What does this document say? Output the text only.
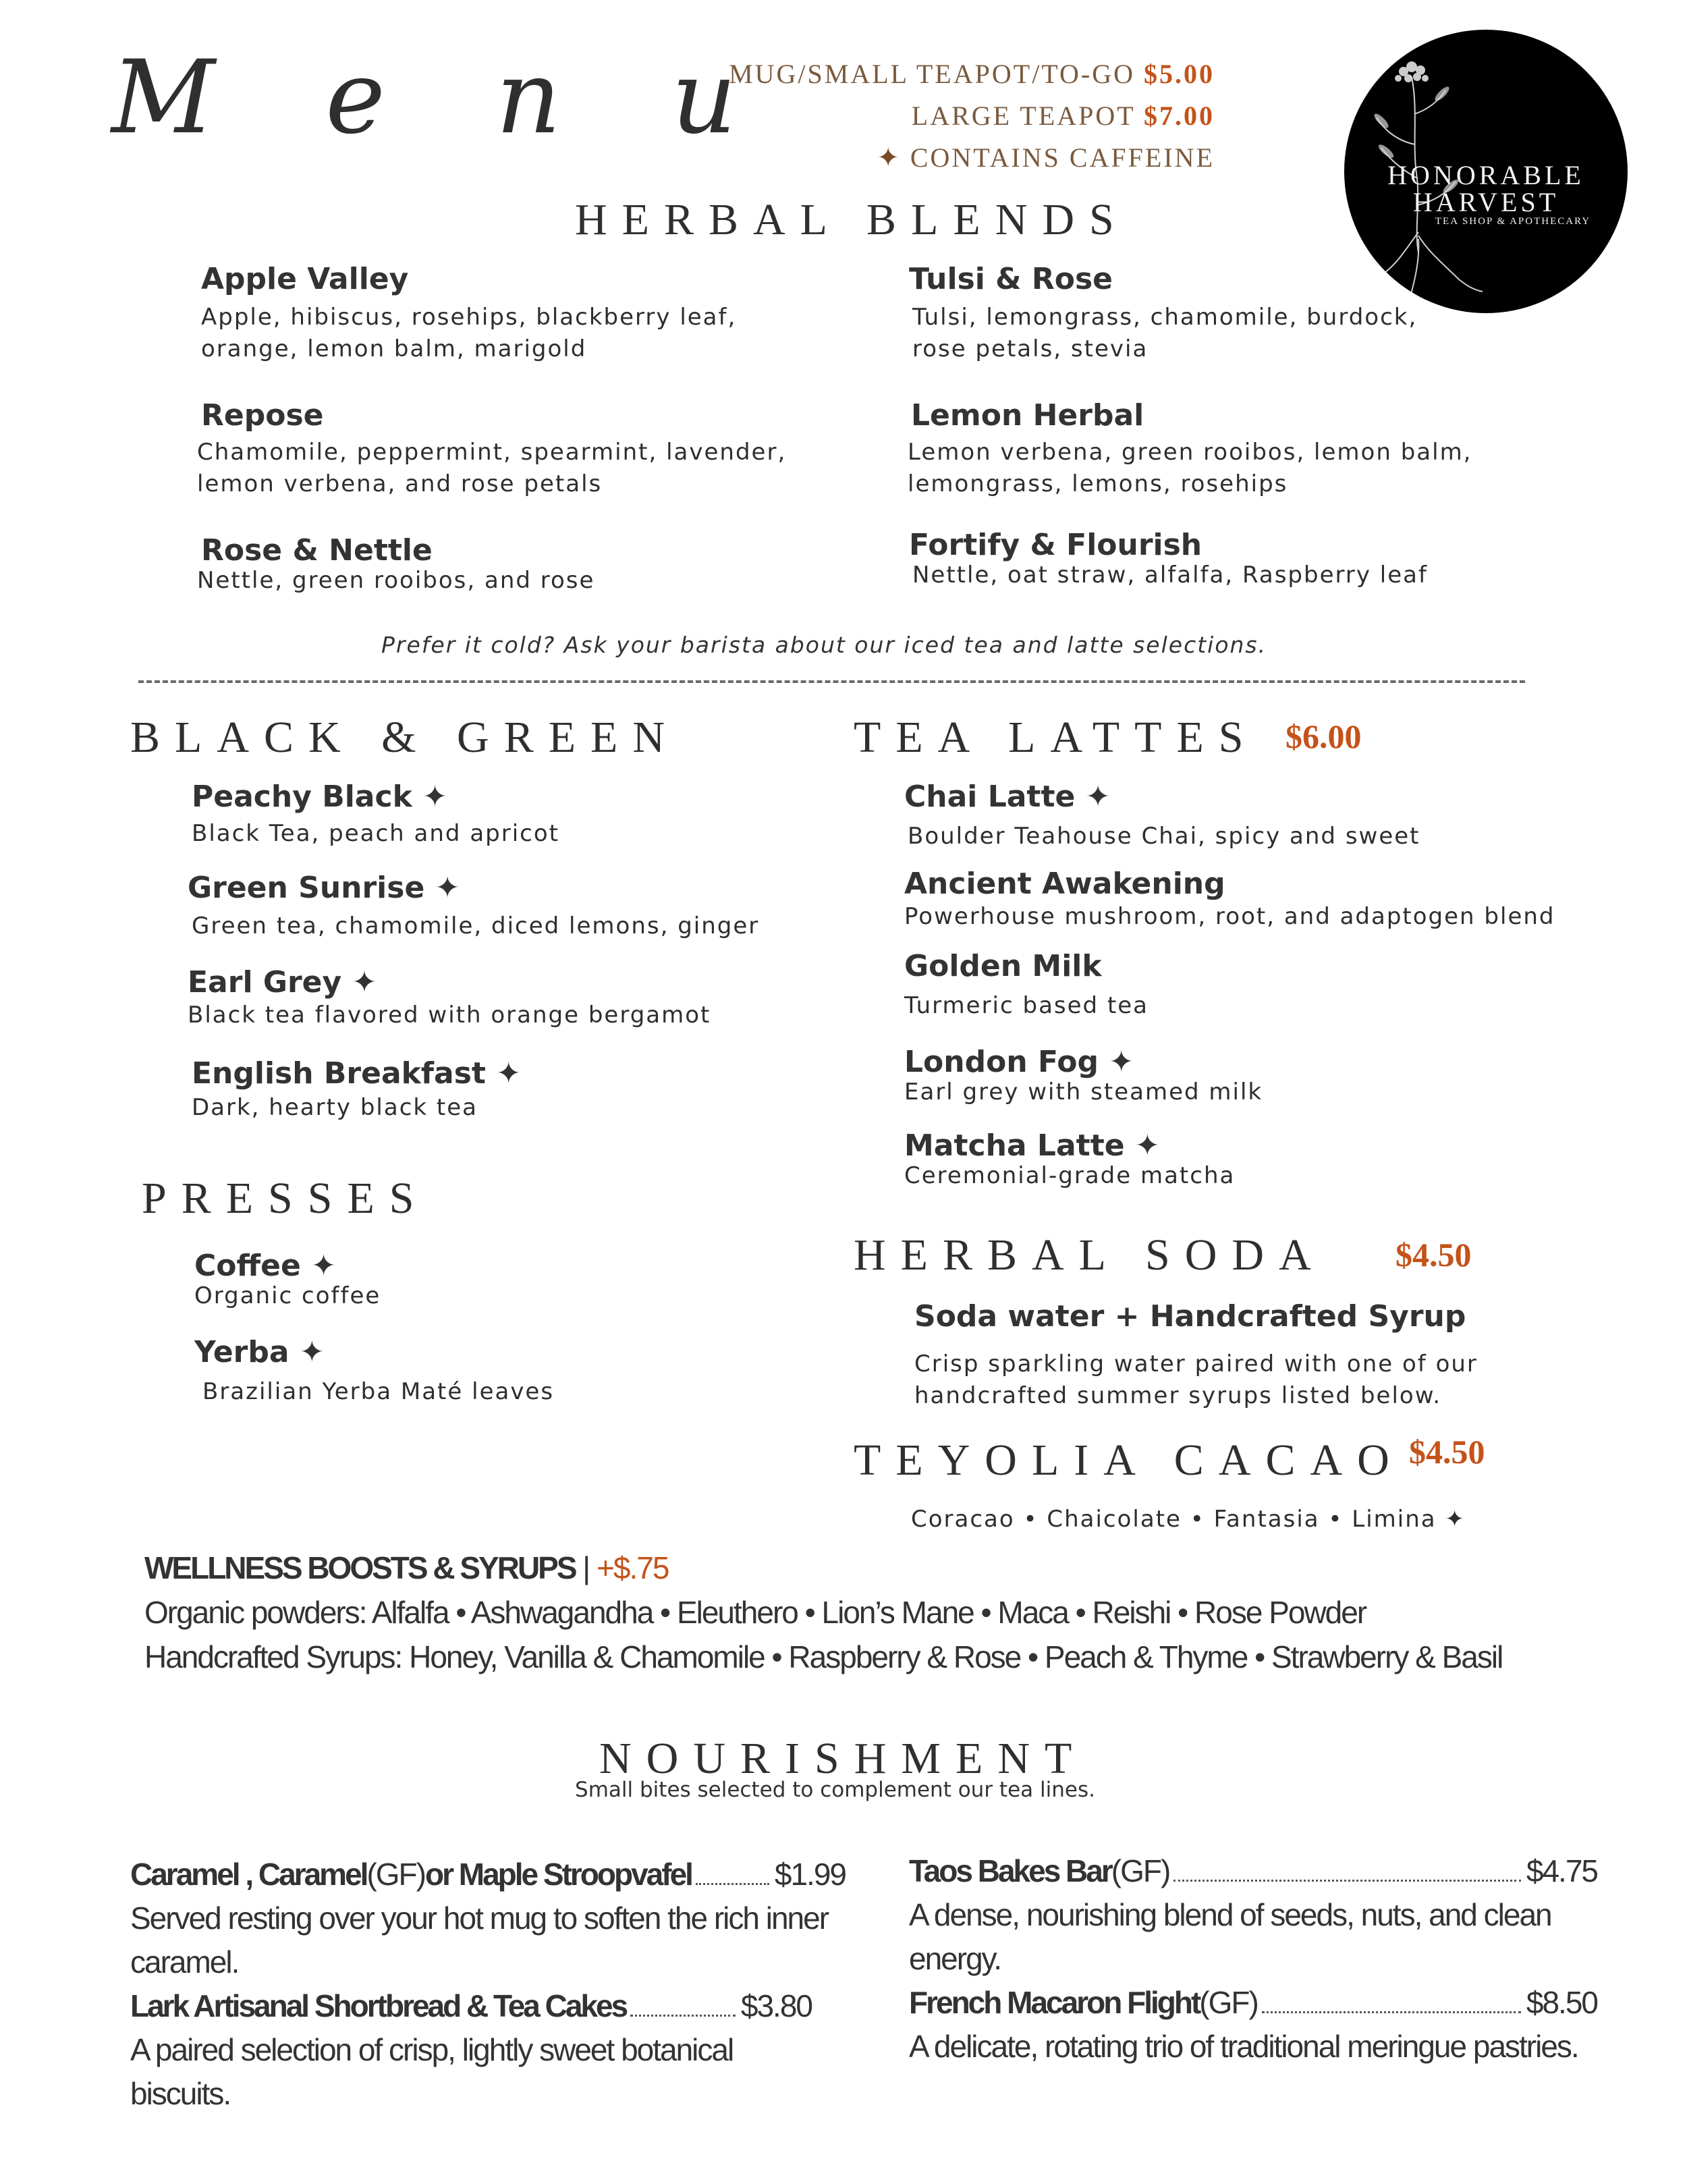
M e n u
MUG/SMALL TEAPOT/TO-GO $5.00
LARGE TEAPOT $7.00
✦ CONTAINS CAFFEINE
HONORABLE
HARVEST
TEA SHOP & APOTHECARY
HERBAL BLENDS
Apple Valley
Apple, hibiscus, rosehips, blackberry leaf,
orange, lemon balm, marigold
Tulsi & Rose
Tulsi, lemongrass, chamomile, burdock,
rose petals, stevia
Repose
Chamomile, peppermint, spearmint, lavender,
lemon verbena, and rose petals
Lemon Herbal
Lemon verbena, green rooibos, lemon balm,
lemongrass, lemons, rosehips
Rose & Nettle
Nettle, green rooibos, and rose
Fortify & Flourish
Nettle, oat straw, alfalfa, Raspberry leaf
Prefer it cold? Ask your barista about our iced tea and latte selections.
BLACK & GREEN
Peachy Black ✦
Black Tea, peach and apricot
Green Sunrise ✦
Green tea, chamomile, diced lemons, ginger
Earl Grey ✦
Black tea flavored with orange bergamot
English Breakfast ✦
Dark, hearty black tea
PRESSES
Coffee ✦
Organic coffee
Yerba ✦
Brazilian Yerba Maté leaves
TEA LATTES $6.00
Chai Latte ✦
Boulder Teahouse Chai, spicy and sweet
Ancient Awakening
Powerhouse mushroom, root, and adaptogen blend
Golden Milk
Turmeric based tea
London Fog ✦
Earl grey with steamed milk
Matcha Latte ✦
Ceremonial-grade matcha
HERBAL SODA $4.50
Soda water + Handcrafted Syrup
Crisp sparkling water paired with one of our
handcrafted summer syrups listed below.
TEYOLIA CACAO $4.50
Coracao • Chaicolate • Fantasia • Limina ✦
WELLNESS BOOSTS & SYRUPS | +$.75
Organic powders: Alfalfa • Ashwagandha • Eleuthero • Lion’s Mane • Maca • Reishi • Rose Powder
Handcrafted Syrups: Honey, Vanilla & Chamomile • Raspberry & Rose • Peach & Thyme • Strawberry & Basil
NOURISHMENT
Small bites selected to complement our tea lines.
Caramel , Caramel (GF) or Maple Stroopvafel	$1.99
Served resting over your hot mug to soften the rich inner caramel.
Lark Artisanal Shortbread & Tea Cakes	$3.80
A paired selection of crisp, lightly sweet botanical biscuits.
Taos Bakes Bar (GF)	$4.75
A dense, nourishing blend of seeds, nuts, and clean energy.
French Macaron Flight (GF)	$8.50
A delicate, rotating trio of traditional meringue pastries.
